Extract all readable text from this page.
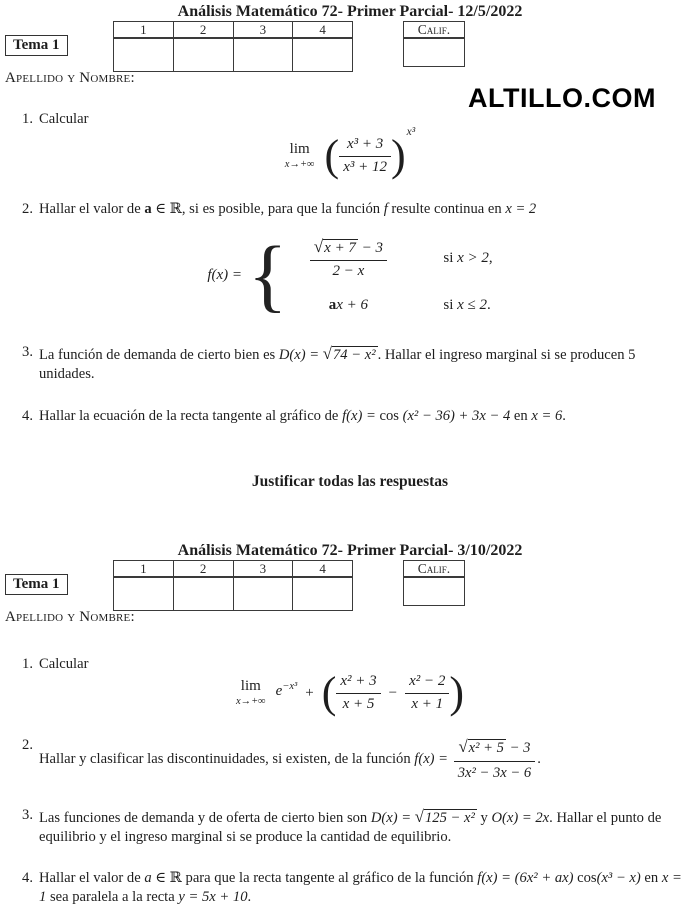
Análisis Matemático 72- Primer Parcial- 12/5/2022
1	2	3	4
Tema 1
Calif.
Apellido y Nombre:
ALTILLO.COM
1. Calcular
lim
x→+∞ ( $\frac{\text{x³ + 3}}{\text{x³ + 12}}$ ) x³
2. Hallar el valor de a ∈ ℝ, si es posible, para que la función f resulte continua en x = 2
f(x) = { $\frac{√x + 7 - 3}{2 - x}$	si x > 2,
a x + 6	si x ≤ 2.
3. La función de demanda de cierto bien es D(x) = √74 − x² . Hallar el ingreso marginal si se producen 5 unidades.
4. Hallar la ecuación de la recta tangente al gráfico de f(x) = cos (x² − 36) + 3x − 4 en x = 6.
Justificar todas las respuestas
Análisis Matemático 72- Primer Parcial- 3/10/2022
1	2	3	4
Tema 1
Calif.
Apellido y Nombre:
1. Calcular
lim
x→+∞
$e^{-x^3}$ + ( $\frac{\text{x² + 3}}{x + 5} - \frac{\text{x² − 2}}{x + 1}$ )
2.
Hallar y clasificar las discontinuidades, si existen, de la función $f(x) = \frac{\text{√x² + 5 − 3}}{\text{3x² − 3x − 6}}$ .
3. Las funciones de demanda y de oferta de cierto bien son D(x) = √125 − x² y O(x) = 2x. Hallar el punto de equilibrio y el ingreso marginal si se produce la cantidad de equilibrio.
4. Hallar el valor de a ∈ ℝ para que la recta tangente al gráfico de la función f(x) = (6x² + ax) cos(x³ − x) en x = 1 sea paralela a la recta y = 5x + 10.
